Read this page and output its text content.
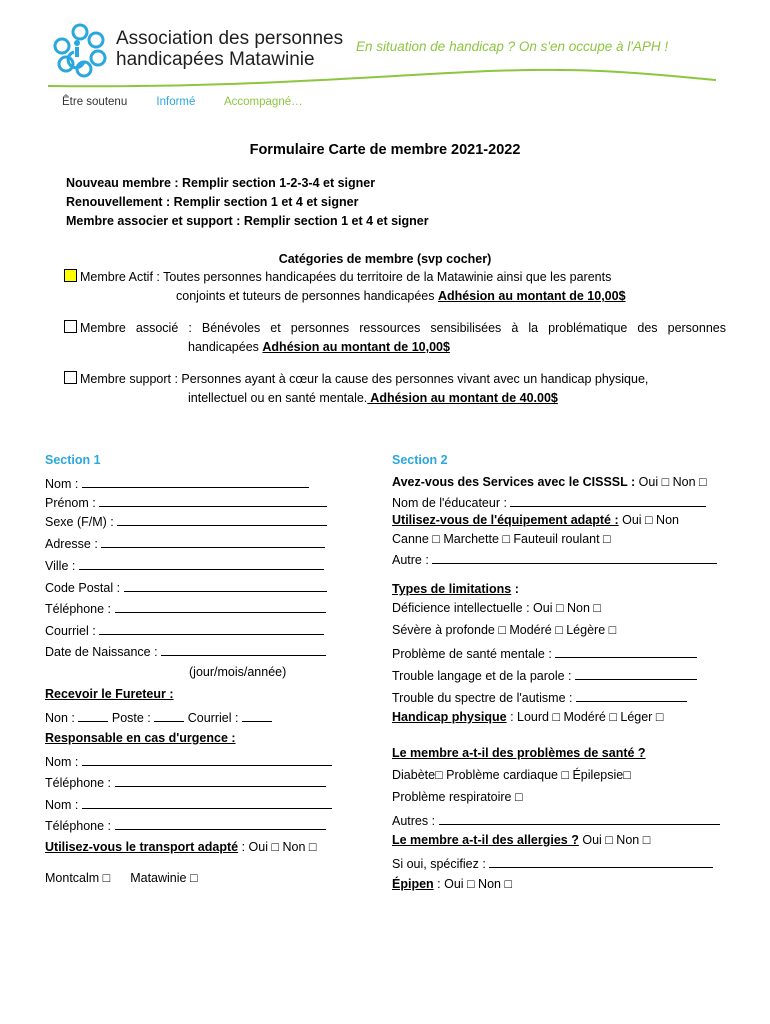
Association des personnes
handicapées Matawinie
En situation de handicap ? On s'en occupe à l'APH !
Être soutenu	Informé Accompagné…
Formulaire Carte de membre 2021-2022
Nouveau membre : Remplir section 1-2-3-4 et signer
Renouvellement : Remplir section 1 et 4 et signer
Membre associer et support : Remplir section 1 et 4 et signer
Catégories de membre (svp cocher)
Membre Actif : Toutes personnes handicapées du territoire de la Matawinie ainsi que les parents
conjoints et tuteurs de personnes handicapées Adhésion au montant de 10,00$
Membre associé : Bénévoles et personnes ressources sensibilisées à la problématique des personnes
handicapées Adhésion au montant de 10,00$
Membre support : Personnes ayant à cœur la cause des personnes vivant avec un handicap physique,
intellectuel ou en santé mentale. Adhésion au montant de 40.00$
Section 1
Nom :
Prénom :
Sexe (F/M) :
Adresse :
Ville :
Code Postal :
Téléphone :
Courriel :
Date de Naissance :
(jour/mois/année)
Recevoir le Fureteur :
Non :	Poste :	Courriel :
Responsable en cas d'urgence :
Nom :
Téléphone :
Nom :
Téléphone :
Utilisez-vous le transport adapté : Oui □ Non □
Montcalm □ Matawinie □
Section 2
Avez-vous des Services avec le CISSSL : Oui □ Non □
Nom de l'éducateur :
Utilisez-vous de l'équipement adapté : Oui □ Non
Canne □ Marchette □ Fauteuil roulant □
Autre :
Types de limitations :
Déficience intellectuelle : Oui □ Non □
Sévère à profonde □ Modéré □ Légère □
Problème de santé mentale :
Trouble langage et de la parole :
Trouble du spectre de l'autisme :
Handicap physique : Lourd □ Modéré □ Léger □
Le membre a-t-il des problèmes de santé ?
Diabète□ Problème cardiaque □ Épilepsie□
Problème respiratoire □
Autres :
Le membre a-t-il des allergies ? Oui □ Non □
Si oui, spécifiez :
Épipen : Oui □ Non □
